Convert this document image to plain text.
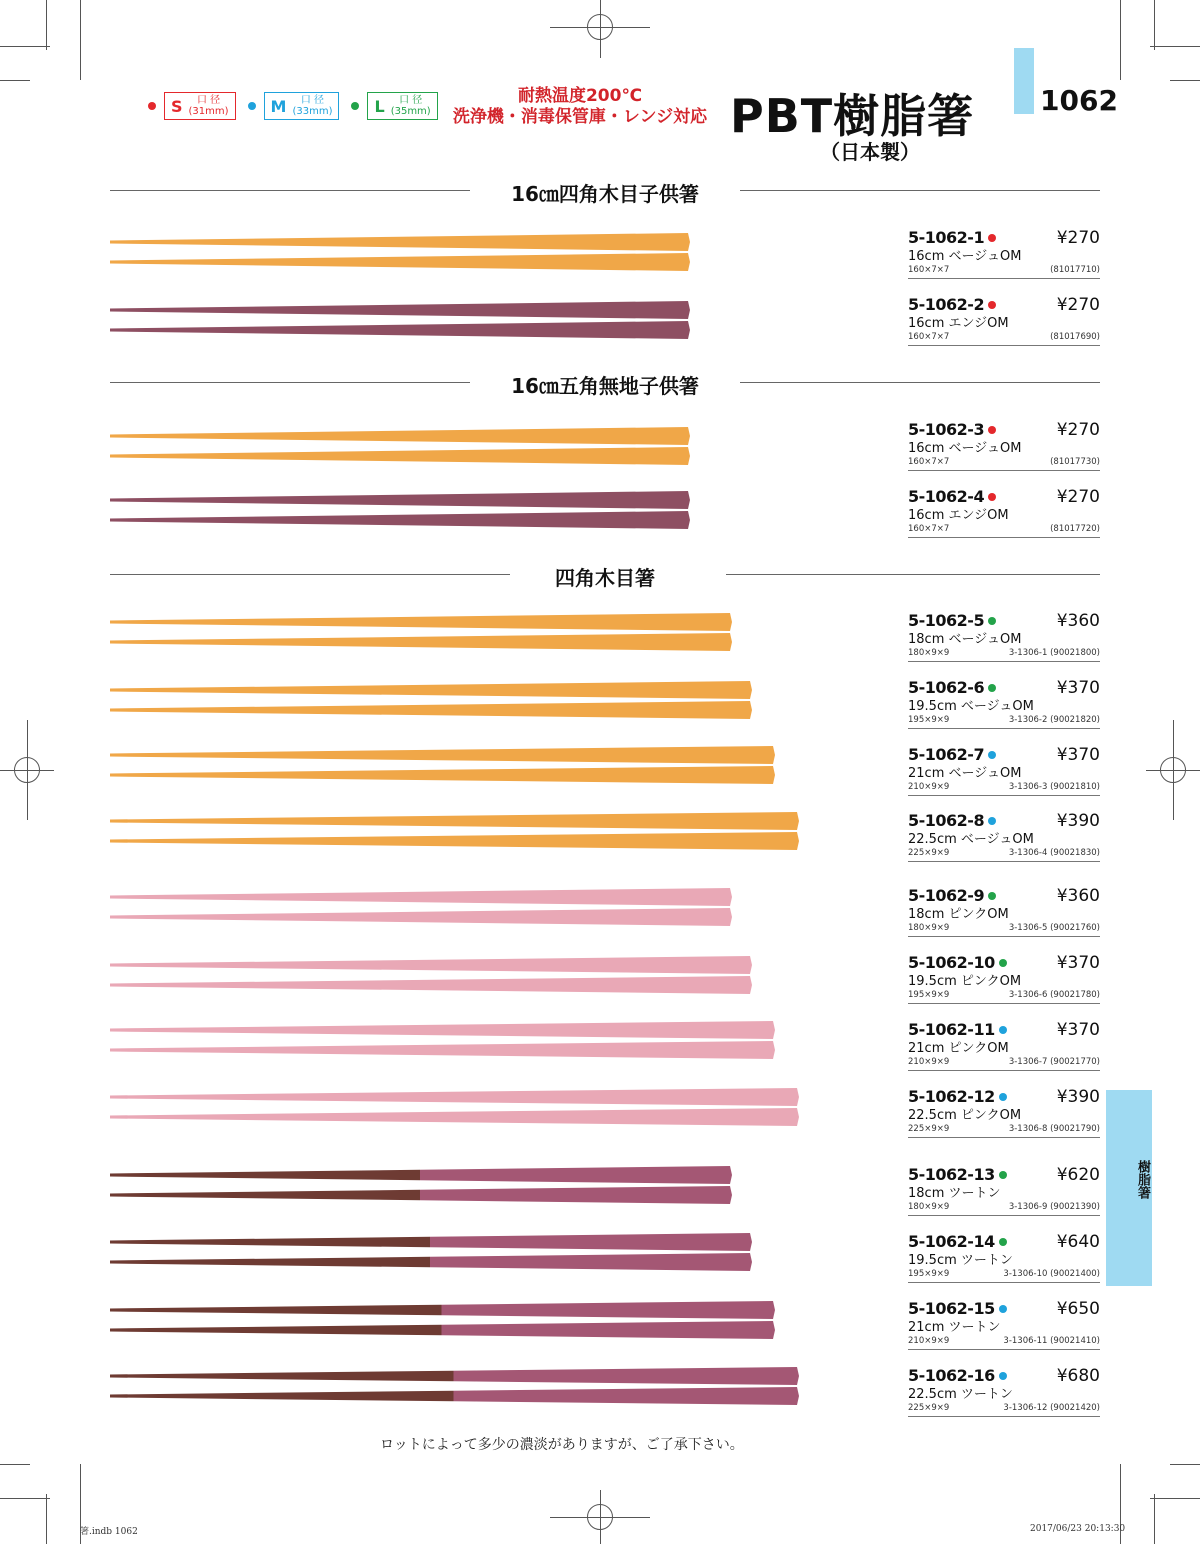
S 口 径
(31mm)	M 口 径
(33mm)	L 口 径
(35mm)
耐熱温度200℃
洗浄機・消毒保管庫・レンジ対応 PBT樹脂箸
（日本製）
1062
16㎝四角木目子供箸
16㎝五角無地子供箸
四角木目箸
5-1062-1	¥270
16cm ベージュOM
160×7×7	(81017710)
5-1062-2	¥270
16cm エンジOM
160×7×7	(81017690)
5-1062-3	¥270
16cm ベージュOM
160×7×7	(81017730)
5-1062-4	¥270
16cm エンジOM
160×7×7	(81017720)
5-1062-5	¥360
18cm ベージュOM
180×9×9	3-1306-1 (90021800)
5-1062-6	¥370
19.5cm ベージュOM
195×9×9	3-1306-2 (90021820)
5-1062-7	¥370
21cm ベージュOM
210×9×9	3-1306-3 (90021810)
5-1062-8	¥390
22.5cm ベージュOM
225×9×9	3-1306-4 (90021830)
5-1062-9	¥360
18cm ピンクOM
180×9×9	3-1306-5 (90021760)
5-1062-10	¥370
19.5cm ピンクOM
195×9×9	3-1306-6 (90021780)
5-1062-11	¥370
21cm ピンクOM
210×9×9	3-1306-7 (90021770)
5-1062-12	¥390
22.5cm ピンクOM
225×9×9	3-1306-8 (90021790)
5-1062-13	¥620
18cm ツートン
180×9×9	3-1306-9 (90021390)
5-1062-14	¥640
19.5cm ツートン
195×9×9	3-1306-10 (90021400)
5-1062-15	¥650
21cm ツートン
210×9×9	3-1306-11 (90021410)
5-1062-16	¥680
22.5cm ツートン
225×9×9	3-1306-12 (90021420)
樹脂箸
ロットによって多少の濃淡がありますが、ご了承下さい。
箸.indb 1062	2017/06/23 20:13:30
